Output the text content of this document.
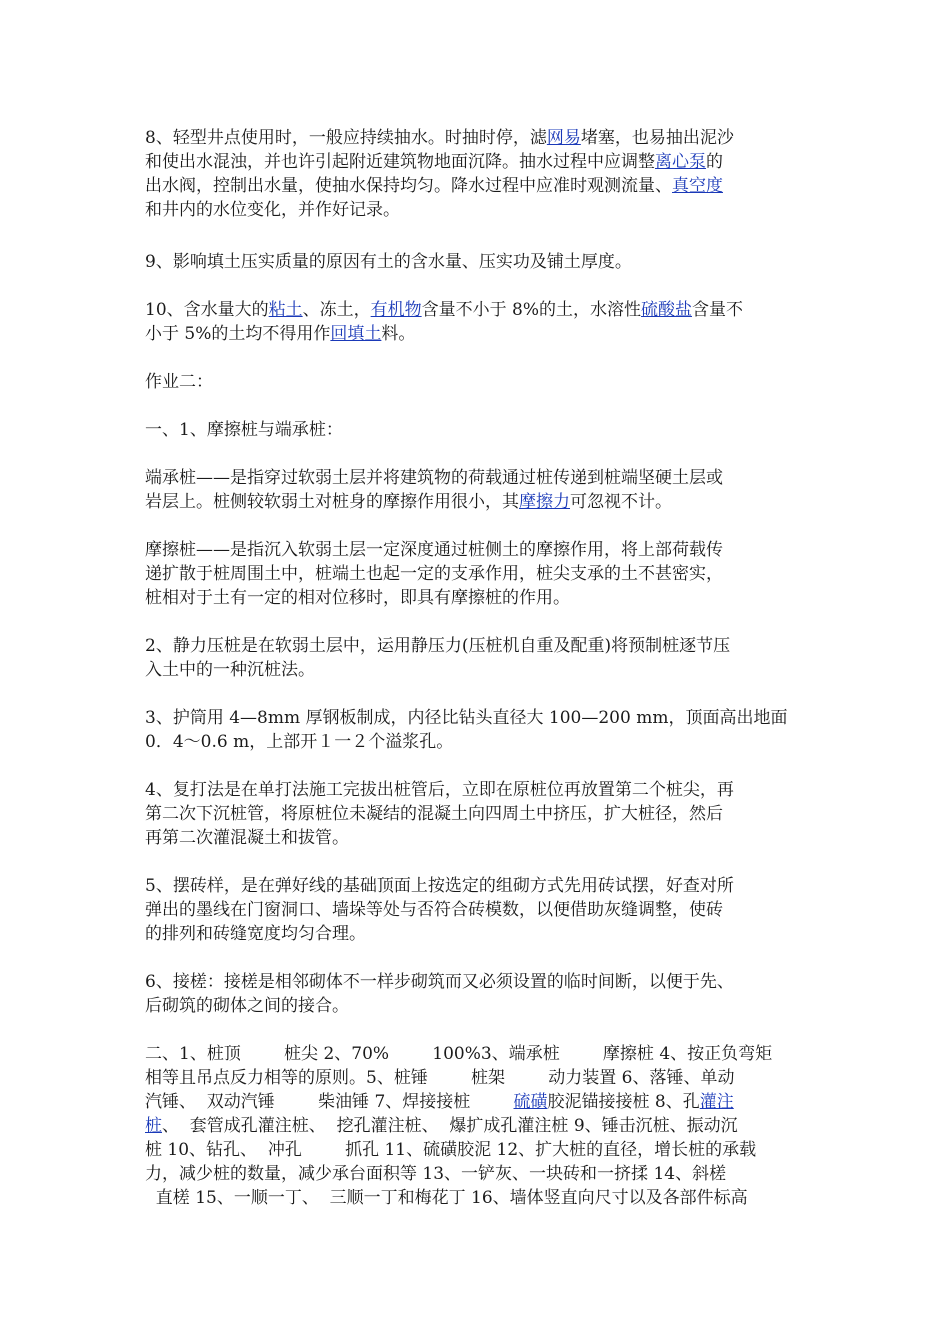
8、轻型井点使用时，一般应持续抽水。时抽时停，滤网易堵塞，也易抽出泥沙
和使出水混浊，并也许引起附近建筑物地面沉降。抽水过程中应调整离心泵的
出水阀，控制出水量，使抽水保持均匀。降水过程中应准时观测流量、真空度
和井内的水位变化，并作好记录。
9、影响填土压实质量的原因有土的含水量、压实功及铺土厚度。
10、含水量大的粘土、冻土，有机物含量不小于 8%的土，水溶性硫酸盐含量不
小于 5%的土均不得用作回填土料。
作业二：
一、1、摩擦桩与端承桩：
端承桩——是指穿过软弱土层并将建筑物的荷载通过桩传递到桩端坚硬土层或
岩层上。桩侧较软弱土对桩身的摩擦作用很小，其摩擦力可忽视不计。
摩擦桩——是指沉入软弱土层一定深度通过桩侧土的摩擦作用，将上部荷载传
递扩散于桩周围土中，桩端土也起一定的支承作用，桩尖支承的土不甚密实，
桩相对于土有一定的相对位移时，即具有摩擦桩的作用。
2、静力压桩是在软弱土层中，运用静压力(压桩机自重及配重)将预制桩逐节压
入土中的一种沉桩法。
3、护筒用 4—8mm 厚钢板制成，内径比钻头直径大 100—200 mm，顶面高出地面
0．4～0.6 m，上部开１一２个溢浆孔。
4、复打法是在单打法施工完拔出桩管后，立即在原桩位再放置第二个桩尖，再
第二次下沉桩管，将原桩位未凝结的混凝土向四周土中挤压，扩大桩径，然后
再第二次灌混凝土和拔管。
5、摆砖样，是在弹好线的基础顶面上按选定的组砌方式先用砖试摆，好查对所
弹出的墨线在门窗洞口、墙垛等处与否符合砖模数，以便借助灰缝调整，使砖
的排列和砖缝宽度均匀合理。
6、接槎：接槎是相邻砌体不一样步砌筑而又必须设置的临时间断，以便于先、
后砌筑的砌体之间的接合。
二、1、桩顶        桩尖 2、70%        100%3、端承桩        摩擦桩 4、按正负弯矩
相等且吊点反力相等的原则。5、桩锤        桩架        动力装置 6、落锤、单动
汽锤、  双动汽锤        柴油锤 7、焊接接桩        硫磺胶泥锚接接桩 8、孔灌注
桩、  套管成孔灌注桩、  挖孔灌注桩、  爆扩成孔灌注桩 9、锤击沉桩、振动沉
桩 10、钻孔、  冲孔        抓孔 11、硫磺胶泥 12、扩大桩的直径，增长桩的承载
力，减少桩的数量，减少承台面积等 13、一铲灰、一块砖和一挤揉 14、斜槎
直槎 15、一顺一丁、  三顺一丁和梅花丁 16、墙体竖直向尺寸以及各部件标高
